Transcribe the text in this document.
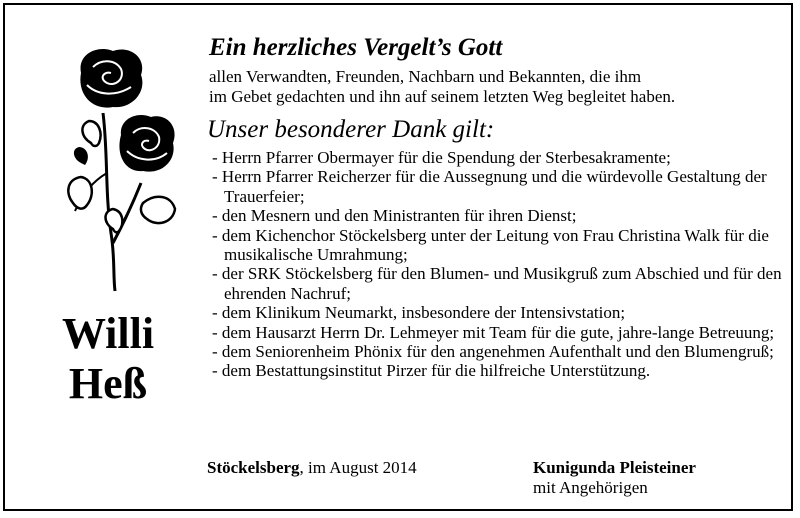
Willi
Heß
Ein herzliches Vergelt’s Gott
allen Verwandten, Freunden, Nachbarn und Bekannten, die ihm
im Gebet gedachten und ihn auf seinem letzten Weg begleitet haben.
Unser besonderer Dank gilt:
- Herrn Pfarrer Obermayer für die Spendung der Sterbesakramente;
- Herrn Pfarrer Reicherzer für die Aussegnung und die würdevolle Gestaltung der Trauerfeier;
- den Mesnern und den Ministranten für ihren Dienst;
- dem Kichenchor Stöckelsberg unter der Leitung von Frau Christina Walk für die musikalische Umrahmung;
- der SRK Stöckelsberg für den Blumen- und Musikgruß zum Abschied und für den ehrenden Nachruf;
- dem Klinikum Neumarkt, insbesondere der Intensivstation;
- dem Hausarzt Herrn Dr. Lehmeyer mit Team für die gute, jahre-lange Betreuung;
- dem Seniorenheim Phönix für den angenehmen Aufenthalt und den Blumengruß;
- dem Bestattungsinstitut Pirzer für die hilfreiche Unterstützung.
Stöckelsberg, im August 2014	Kunigunda Pleisteiner
mit Angehörigen
